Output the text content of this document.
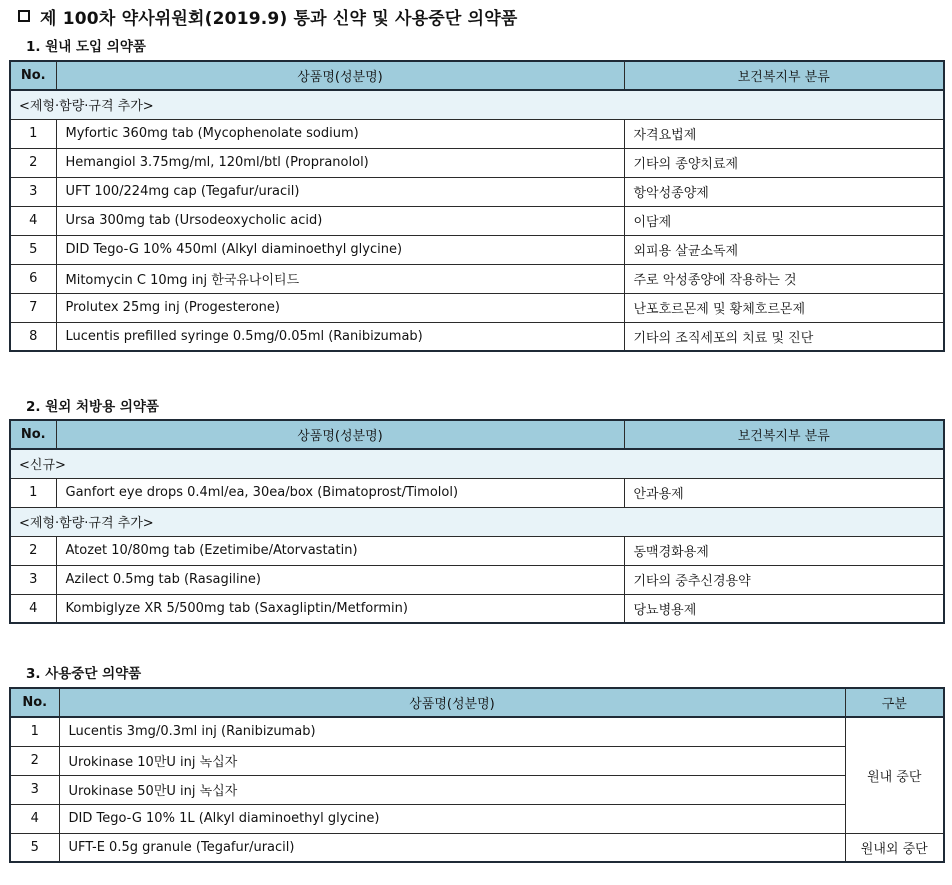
제 100차 약사위원회(2019.9) 통과 신약 및 사용중단 의약품
1. 원내 도입 의약품
No.	상품명(성분명)	보건복지부 분류
<제형·함량·규격 추가>		
1	Myfortic 360mg tab (Mycophenolate sodium)	자격요법제
2	Hemangiol 3.75mg/ml, 120ml/btl (Propranolol)	기타의 종양치료제
3	UFT 100/224mg cap (Tegafur/uracil)	항악성종양제
4	Ursa 300mg tab (Ursodeoxycholic acid)	이담제
5	DID Tego-G 10% 450ml (Alkyl diaminoethyl glycine)	외피용 살균소독제
6	Mitomycin C 10mg inj 한국유나이티드	주로 악성종양에 작용하는 것
7	Prolutex 25mg inj (Progesterone)	난포호르몬제 및 황체호르몬제
8	Lucentis prefilled syringe 0.5mg/0.05ml (Ranibizumab)	기타의 조직세포의 치료 및 진단
2. 원외 처방용 의약품
No.	상품명(성분명)	보건복지부 분류
<신규>		
1	Ganfort eye drops 0.4ml/ea, 30ea/box (Bimatoprost/Timolol)	안과용제
<제형·함량·규격 추가>		
2	Atozet 10/80mg tab (Ezetimibe/Atorvastatin)	동맥경화용제
3	Azilect 0.5mg tab (Rasagiline)	기타의 중추신경용약
4	Kombiglyze XR 5/500mg tab (Saxagliptin/Metformin)	당뇨병용제
3. 사용중단 의약품
No.	상품명(성분명)	구분
1	Lucentis 3mg/0.3ml inj (Ranibizumab)	원내 중단
2	Urokinase 10만U inj 녹십자	
3	Urokinase 50만U inj 녹십자	
4	DID Tego-G 10% 1L (Alkyl diaminoethyl glycine)	
5	UFT-E 0.5g granule (Tegafur/uracil)	원내외 중단
